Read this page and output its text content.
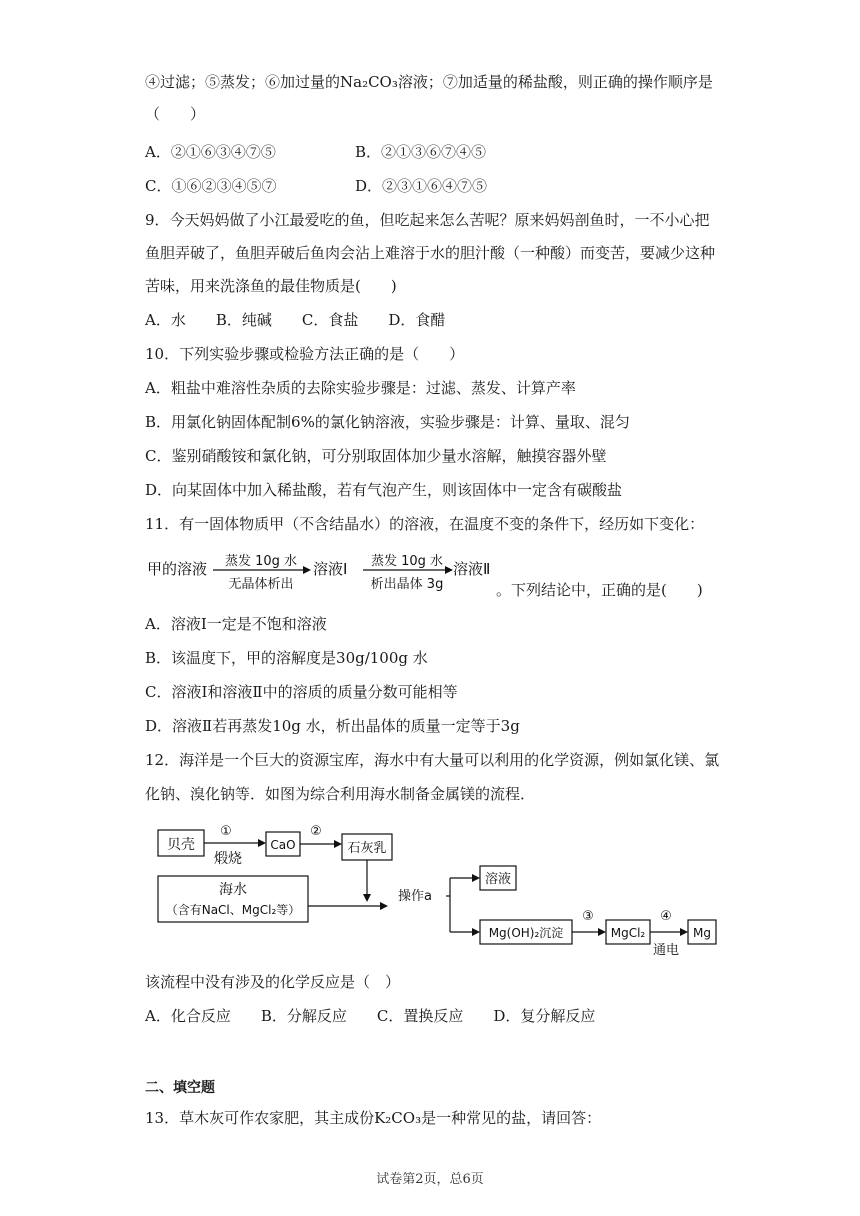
④过滤；⑤蒸发；⑥加过量的Na₂CO₃溶液；⑦加适量的稀盐酸，则正确的操作顺序是
（　　）
A．②①⑥③④⑦⑤	B．②①③⑥⑦④⑤
C．①⑥②③④⑤⑦	D．②③①⑥④⑦⑤
9．今天妈妈做了小江最爱吃的鱼，但吃起来怎么苦呢？原来妈妈剖鱼时，一不小心把
鱼胆弄破了，鱼胆弄破后鱼肉会沾上难溶于水的胆汁酸（一种酸）而变苦，要减少这种
苦味，用来洗涤鱼的最佳物质是(　　)
A．水　　B．纯碱　　C．食盐　　D．食醋
10．下列实验步骤或检验方法正确的是（　　）
A．粗盐中难溶性杂质的去除实验步骤是：过滤、蒸发、计算产率
B．用氯化钠固体配制6%的氯化钠溶液，实验步骤是：计算、量取、混匀
C．鉴别硝酸铵和氯化钠，可分别取固体加少量水溶解，触摸容器外壁
D．向某固体中加入稀盐酸，若有气泡产生，则该固体中一定含有碳酸盐
11．有一固体物质甲（不含结晶水）的溶液，在温度不变的条件下，经历如下变化：
甲的溶液 蒸发 10g 水
无晶体析出
溶液Ⅰ 蒸发 10g 水
析出晶体 3g
溶液Ⅱ
。下列结论中，正确的是(　　)
A．溶液Ⅰ一定是不饱和溶液
B．该温度下，甲的溶解度是30g/100g 水
C．溶液Ⅰ和溶液Ⅱ中的溶质的质量分数可能相等
D．溶液Ⅱ若再蒸发10g 水，析出晶体的质量一定等于3g
12．海洋是一个巨大的资源宝库，海水中有大量可以利用的化学资源，例如氯化镁、氯
化钠、溴化钠等．如图为综合利用海水制备金属镁的流程．
贝壳
①
煅烧
CaO
②
石灰乳
海水
（含有NaCl、MgCl₂等）
操作a
溶液
Mg(OH)₂沉淀
③
MgCl₂
④
通电
Mg
该流程中没有涉及的化学反应是（　）
A．化合反应　　B．分解反应　　C．置换反应　　D．复分解反应
二、填空题
13．草木灰可作农家肥，其主成份K₂CO₃是一种常见的盐，请回答：
试卷第2页，总6页
